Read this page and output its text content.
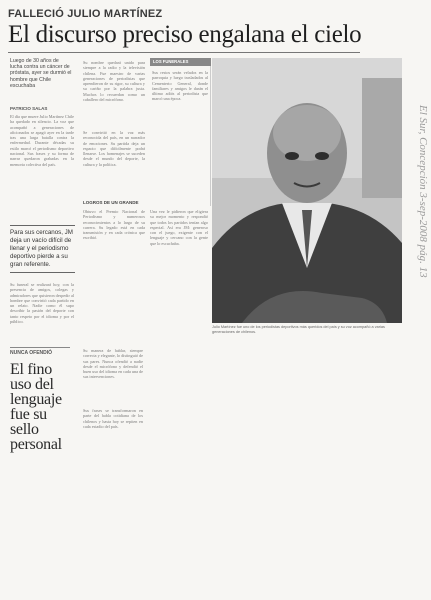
FALLECIÓ JULIO MARTÍNEZ
El discurso preciso engalana el cielo
Luego de 30 años de lucha contra un cáncer de próstata, ayer se durmió el hombre que Chile escuchaba
PATRICIO SALAS
El día que muere Julio Martínez Chile ha quedado en silencio. La voz que acompañó a generaciones de aficionados se apagó ayer en la tarde tras una larga batalla contra la enfermedad. Durante décadas su estilo marcó el periodismo deportivo nacional. Sus frases y su forma de narrar quedaron grabadas en la memoria colectiva del país.
Para sus cercanos, JM deja un vacío difícil de llenar y el periodismo deportivo pierde a su gran referente.
Su funeral se realizará hoy, con la presencia de amigos, colegas y admiradores que quisieron despedir al hombre que convirtió cada partido en un relato. Nadie como él supo describir la pasión del deporte con tanto respeto por el idioma y por el público.
Su nombre quedará unido para siempre a la radio y la televisión chilena. Fue maestro de varias generaciones de periodistas que aprendieron de su rigor, su cultura y su cariño por la palabra justa. Muchos lo recuerdan como un caballero del micrófono.
Se convirtió en la voz más reconocida del país, en un narrador de emociones. Su partida deja un espacio que difícilmente podrá llenarse. Los homenajes se suceden desde el mundo del deporte, la cultura y la política.
LOS FUNERALES
Sus restos serán velados en la parroquia y luego trasladados al Cementerio General, donde familiares y amigos le darán el último adiós al periodista que marcó una época.
LOGROS DE UN GRANDE
Obtuvo el Premio Nacional de Periodismo y numerosos reconocimientos a lo largo de su carrera. Su legado está en cada transmisión y en cada crónica que escribió.
Una vez le pidieron que eligiera su mejor momento y respondió que todos los partidos tenían algo especial. Así era JM: generoso con el juego, exigente con el lenguaje y cercano con la gente que lo escuchaba.
Julio Martínez fue uno de los periodistas deportivos más queridos del país y su voz acompañó a varias generaciones de chilenos.
NUNCA OFENDIÓ
El fino uso del lenguaje fue su sello personal
Su manera de hablar, siempre correcta y elegante, lo distinguió de sus pares. Nunca ofendió a nadie desde el micrófono y defendió el buen uso del idioma en cada una de sus intervenciones.
Sus frases se transformaron en parte del habla cotidiana de los chilenos y hasta hoy se repiten en cada estadio del país.
El Sur, Concepción 3-sep-2008 pág. 13
